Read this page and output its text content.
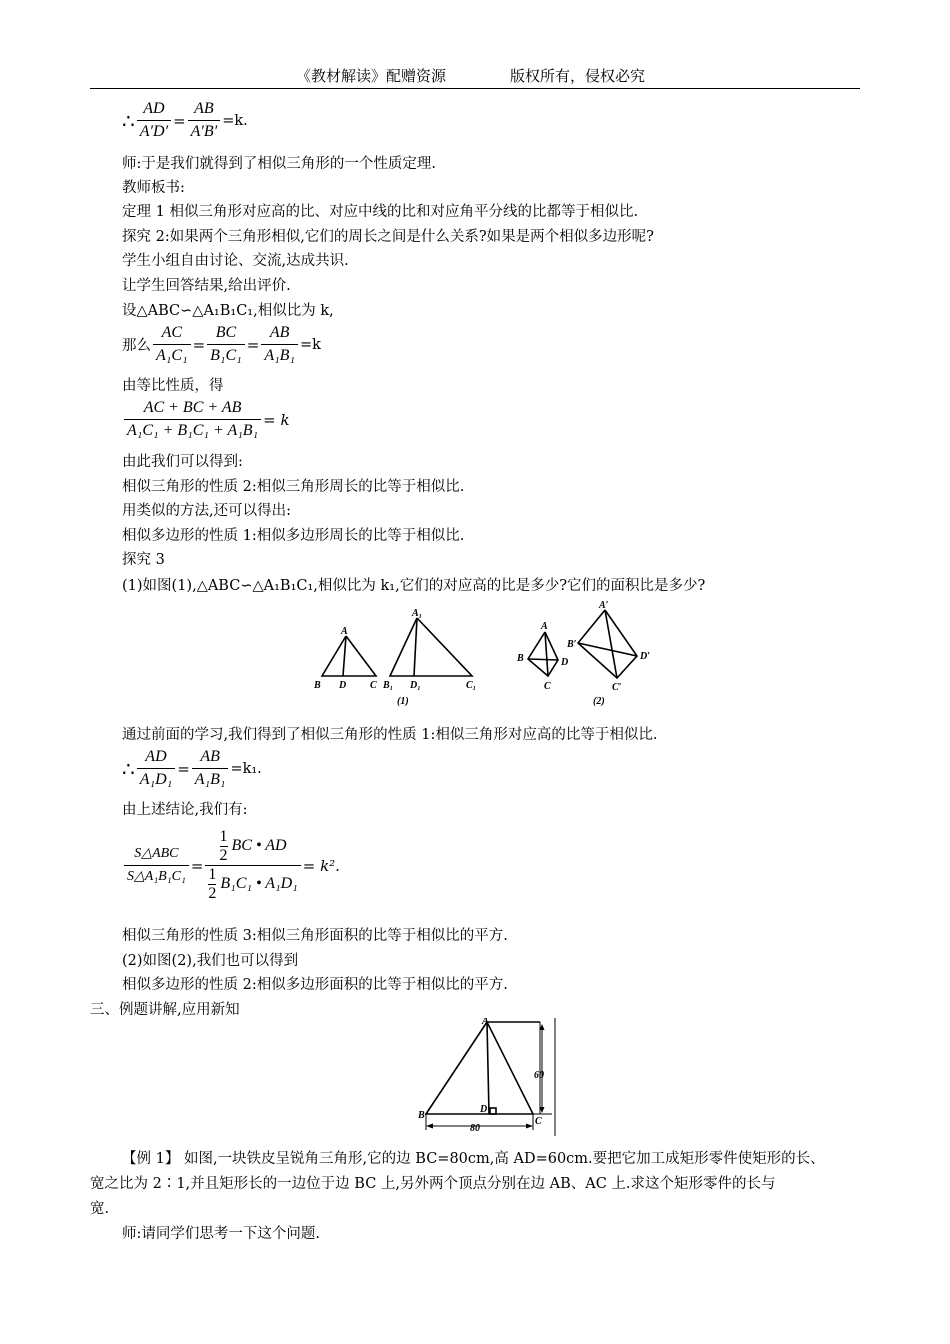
《教材解读》配赠资源	版权所有，侵权必究
∴ $\frac{AD}{A'D'} = \frac{AB}{A'B'} =k$.
师:于是我们就得到了相似三角形的一个性质定理.
教师板书:
定理 1 相似三角形对应高的比、对应中线的比和对应角平分线的比都等于相似比.
探究 2:如果两个三角形相似,它们的周长之间是什么关系?如果是两个相似多边形呢?
学生小组自由讨论、交流,达成共识.
让学生回答结果,给出评价.
设△ABC∽△A₁B₁C₁,相似比为 k,
那么 $\frac{AC}{\text{A₁C₁}} = \frac{BC}{\text{B₁C₁}} = \frac{AB}{\text{A₁B₁}} =k$
由等比性质，得
$\frac{AC + BC + AB}{\text{A₁C₁ + B₁C₁ + A₁B₁}} = k$
由此我们可以得到:
相似三角形的性质 2:相似三角形周长的比等于相似比.
用类似的方法,还可以得出:
相似多边形的性质 1:相似多边形周长的比等于相似比.
探究 3
(1)如图(1),△ABC∽△A₁B₁C₁,相似比为 k₁,它们的对应高的比是多少?它们的面积比是多少?
A
B D C
A₁
B₁ D₁	C₁
(1)
A
B	D
C
A′
B′
D′
C′
(2)
通过前面的学习,我们得到了相似三角形的性质 1:相似三角形对应高的比等于相似比.
∴ $\frac{AD}{\text{A₁D₁}} = \frac{AB}{\text{A₁B₁}} =k_1$.
由上述结论,我们有:
$\frac{\text{S△ABC}}{\text{S△A₁B₁C₁}} = \frac{\frac{1}{2} BC • AD}{\frac{1}{2} B_1C_1 • A_1D_1} = k^2$.
相似三角形的性质 3:相似三角形面积的比等于相似比的平方.
(2)如图(2),我们也可以得到
相似多边形的性质 2:相似多边形面积的比等于相似比的平方.
三、例题讲解,应用新知
A
B
D
C
60
80
【例 1】 如图,一块铁皮呈锐角三角形,它的边 BC=80cm,高 AD=60cm.要把它加工成矩形零件使矩形的长、
宽之比为 2∶1,并且矩形长的一边位于边 BC 上,另外两个顶点分别在边 AB、AC 上.求这个矩形零件的长与
宽.
师:请同学们思考一下这个问题.
